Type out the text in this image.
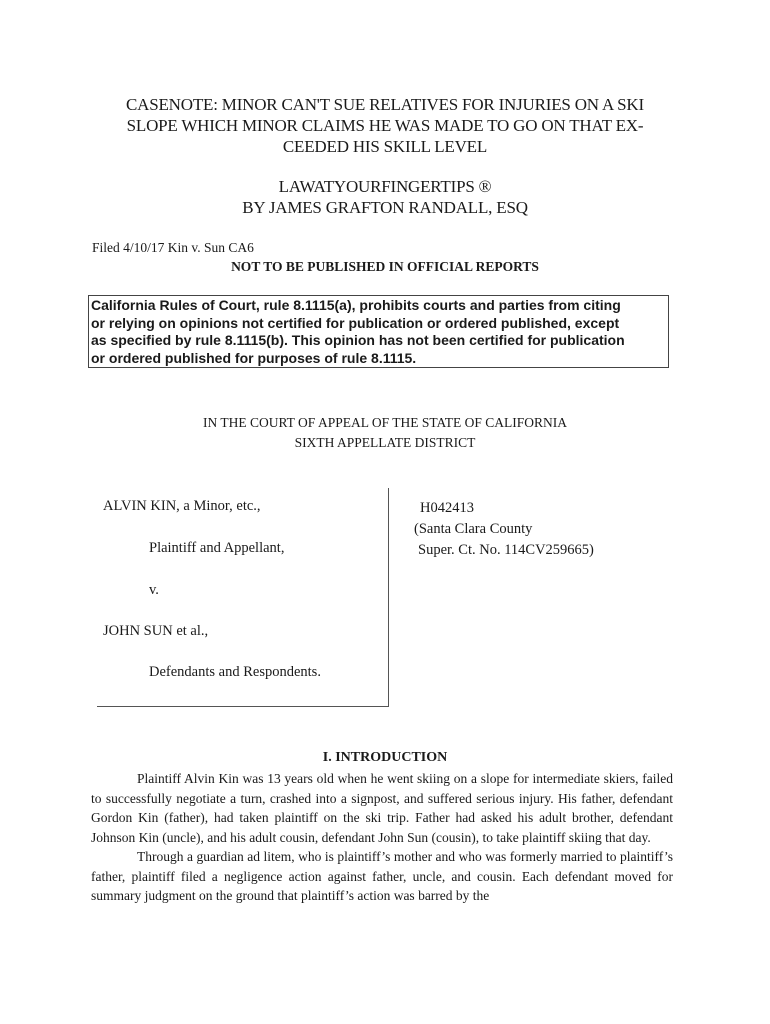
CASENOTE: MINOR CAN'T SUE RELATIVES FOR INJURIES ON A SKI
SLOPE WHICH MINOR CLAIMS HE WAS MADE TO GO ON THAT EX-
CEEDED HIS SKILL LEVEL
LAWATYOURFINGERTIPS ®
BY JAMES GRAFTON RANDALL, ESQ
Filed 4/10/17 Kin v. Sun CA6
NOT TO BE PUBLISHED IN OFFICIAL REPORTS
California Rules of Court, rule 8.1115(a), prohibits courts and parties from citing
or relying on opinions not certified for publication or ordered published, except
as specified by rule 8.1115(b). This opinion has not been certified for publication
or ordered published for purposes of rule 8.1115.
IN THE COURT OF APPEAL OF THE STATE OF CALIFORNIA
SIXTH APPELLATE DISTRICT
ALVIN KIN, a Minor, etc.,
Plaintiff and Appellant,
v.
JOHN SUN et al.,
Defendants and Respondents.
H042413
(Santa Clara County
Super. Ct. No. 114CV259665)
I. INTRODUCTION

Plaintiff Alvin Kin was 13 years old when he went skiing on a slope for intermediate skiers, failed to successfully negotiate a turn, crashed into a signpost, and suffered serious injury. His father, defendant Gordon Kin (father), had taken plaintiff on the ski trip. Father had asked his adult brother, defendant Johnson Kin (uncle), and his adult cousin, defendant John Sun (cousin), to take plaintiff skiing that day.

Through a guardian ad litem, who is plaintiff’s mother and who was formerly married to plaintiff’s father, plaintiff filed a negligence action against father, uncle, and cousin. Each defendant moved for summary judgment on the ground that plaintiff’s action was barred by the
